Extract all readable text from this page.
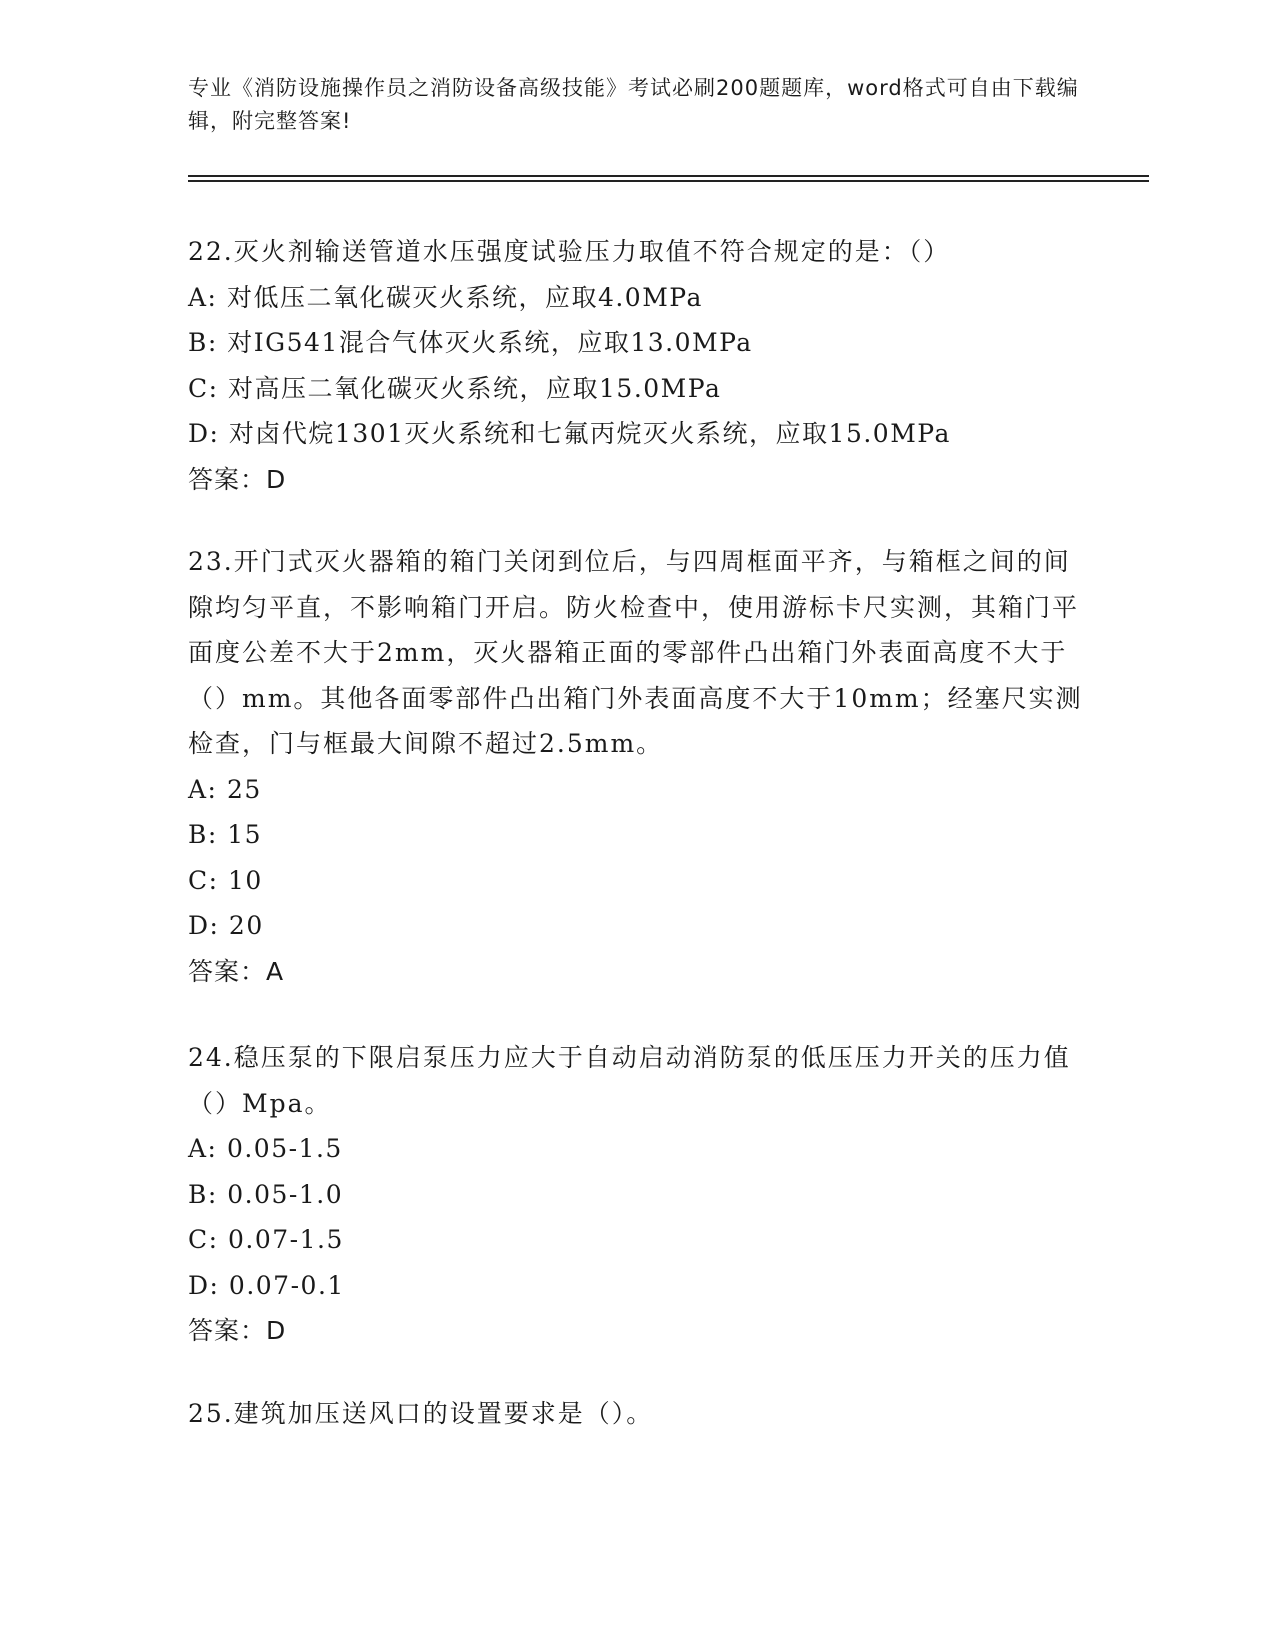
专业《消防设施操作员之消防设备高级技能》考试必刷200题题库，word格式可自由下载编辑，附完整答案!

22.灭火剂输送管道水压强度试验压力取值不符合规定的是：（）

A: 对低压二氧化碳灭火系统，应取4.0MPa

B: 对IG541混合气体灭火系统，应取13.0MPa

C: 对高压二氧化碳灭火系统，应取15.0MPa

D: 对卤代烷1301灭火系统和七氟丙烷灭火系统，应取15.0MPa

答案：D

23.开门式灭火器箱的箱门关闭到位后，与四周框面平齐，与箱框之间的间隙均匀平直，不影响箱门开启。防火检查中，使用游标卡尺实测，其箱门平面度公差不大于2mm，灭火器箱正面的零部件凸出箱门外表面高度不大于（）mm。其他各面零部件凸出箱门外表面高度不大于10mm；经塞尺实测检查，门与框最大间隙不超过2.5mm。

A: 25

B: 15

C: 10

D: 20

答案：A

24.稳压泵的下限启泵压力应大于自动启动消防泵的低压压力开关的压力值（）Mpa。

A: 0.05-1.5

B: 0.05-1.0

C: 0.07-1.5

D: 0.07-0.1

答案：D

25.建筑加压送风口的设置要求是（）。
